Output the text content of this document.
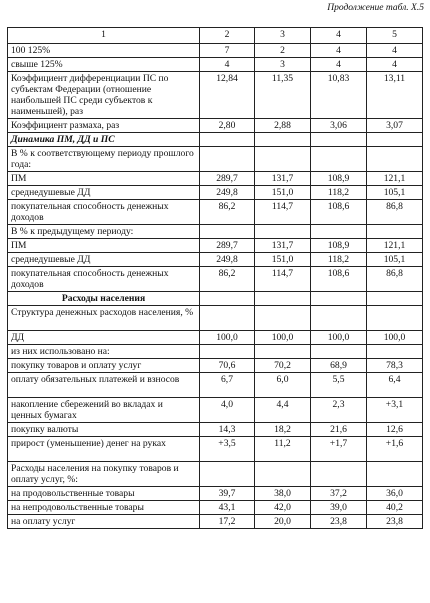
Продолжение табл. X.5
1	2	3	4	5
100 125%	7	2	4	4
свыше 125%	4	3	4	4
Коэффициент дифференциации ПС по субъектам Федерации (отношение наибольшей ПС среди субъектов к наименьшей), раз	12,84	11,35	10,83	13,11
Коэффициент размаха, раз	2,80	2,88	3,06	3,07
Динамика ПМ, ДД и ПС				
В % к соответствующему периоду прошлого года:				
ПМ	289,7	131,7	108,9	121,1
среднедушевые ДД	249,8	151,0	118,2	105,1
покупательная способность денежных доходов	86,2	114,7	108,6	86,8
В % к предыдущему периоду:				
ПМ	289,7	131,7	108,9	121,1
среднедушевые ДД	249,8	151,0	118,2	105,1
покупательная способность денежных доходов	86,2	114,7	108,6	86,8
Расходы населения				
Структура денежных расходов населения, %				
ДД	100,0	100,0	100,0	100,0
из них использовано на:				
покупку товаров и оплату услуг	70,6	70,2	68,9	78,3
оплату обязательных платежей и взносов	6,7	6,0	5,5	6,4
накопление сбережений во вкладах и ценных бумагах	4,0	4,4	2,3	+3,1
покупку валюты	14,3	18,2	21,6	12,6
прирост (уменьшение) денег на руках	+3,5	11,2	+1,7	+1,6
Расходы населения на покупку товаров и оплату услуг, %:				
на продовольственные товары	39,7	38,0	37,2	36,0
на непродовольственные товары	43,1	42,0	39,0	40,2
на оплату услуг	17,2	20,0	23,8	23,8
